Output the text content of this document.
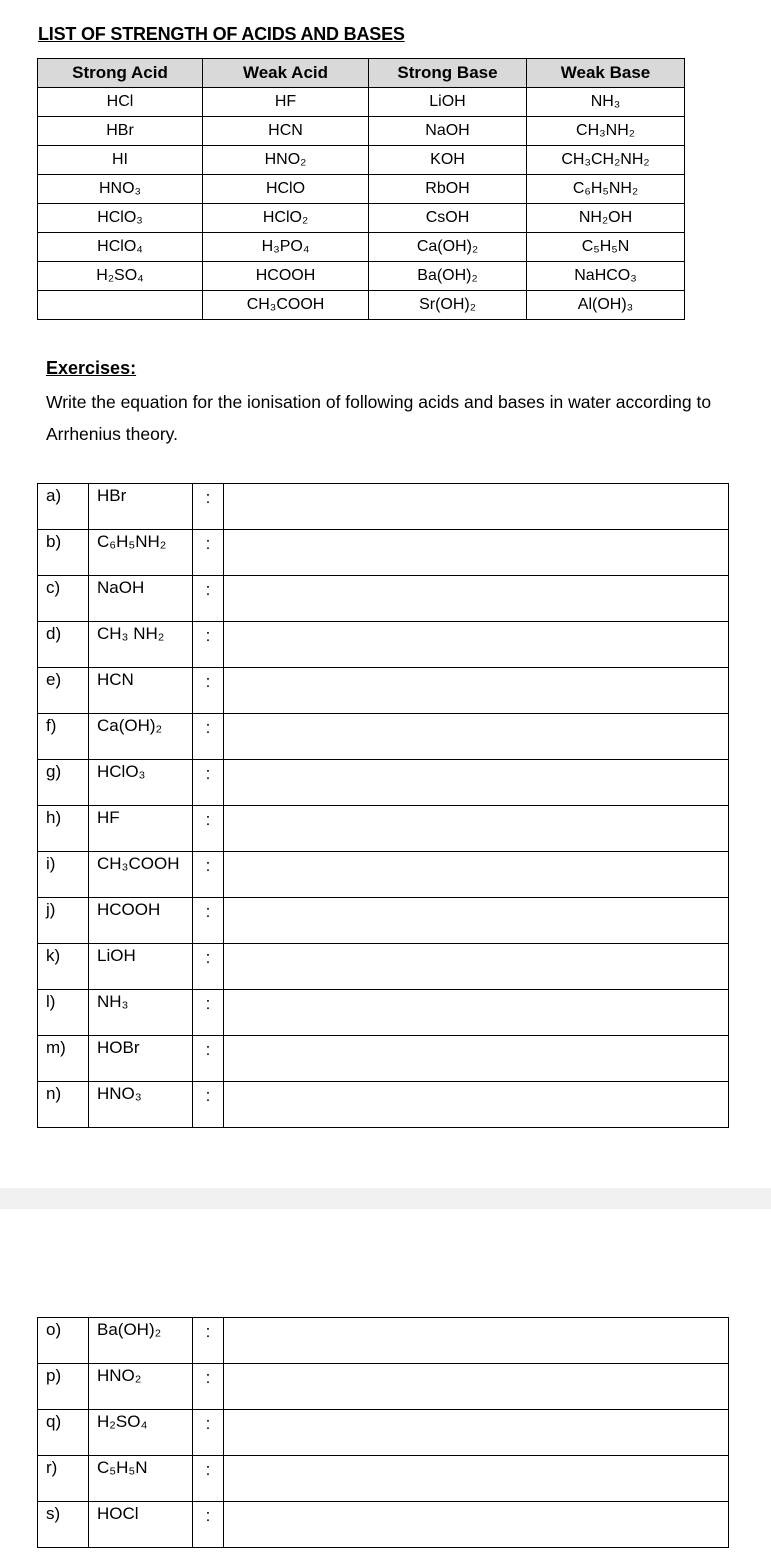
LIST OF STRENGTH OF ACIDS AND BASES
Strong Acid	Weak Acid	Strong Base	Weak Base
HCl	HF	LiOH	NH₃
HBr	HCN	NaOH	CH₃NH₂
HI	HNO₂	KOH	CH₃CH₂NH₂
HNO₃	HClO	RbOH	C₆H₅NH₂
HClO₃	HClO₂	CsOH	NH₂OH
HClO₄	H₃PO₄	Ca(OH)₂	C₅H₅N
H₂SO₄	HCOOH	Ba(OH)₂	NaHCO₃
	CH₃COOH	Sr(OH)₂	Al(OH)₃
Exercises:
Write the equation for the ionisation of following acids and bases in water according to Arrhenius theory.
a)	HBr	:	
b)	C₆H₅NH₂	:	
c)	NaOH	:	
d)	CH₃ NH₂	:	
e)	HCN	:	
f)	Ca(OH)₂	:	
g)	HClO₃	:	
h)	HF	:	
i)	CH₃COOH	:	
j)	HCOOH	:	
k)	LiOH	:	
l)	NH₃	:	
m)	HOBr	:	
n)	HNO₃	:	
o)	Ba(OH)₂	:	
p)	HNO₂	:	
q)	H₂SO₄	:	
r)	C₅H₅N	:	
s)	HOCl	:	
